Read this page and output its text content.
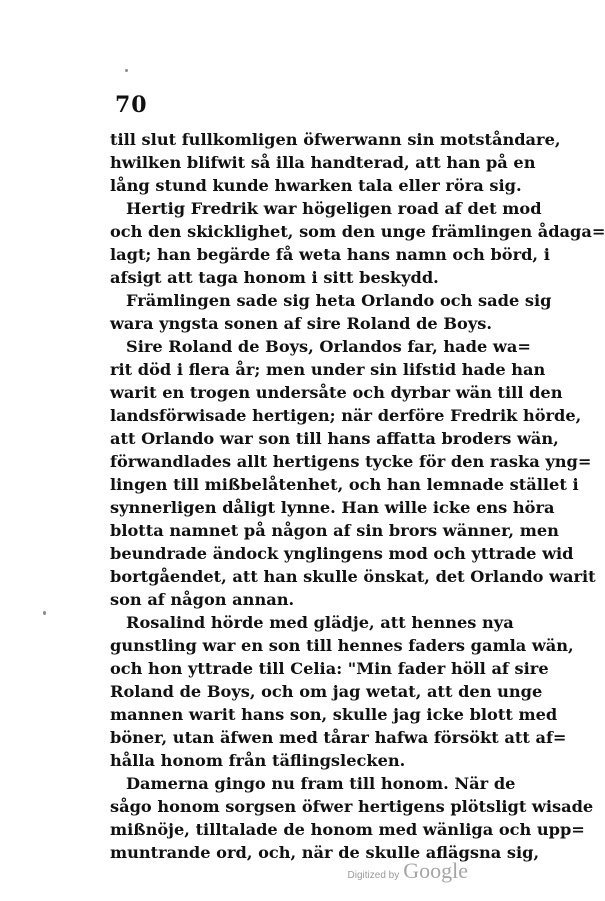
70
till slut fullkomligen öfwerwann sin motståndare,
hwilken blifwit så illa handterad, att han på en
lång stund kunde hwarken tala eller röra sig.
Hertig Fredrik war högeligen road af det mod
och den skicklighet, som den unge främlingen ådaga=
lagt; han begärde få weta hans namn och börd, i
afsigt att taga honom i sitt beskydd.
Främlingen sade sig heta Orlando och sade sig
wara yngsta sonen af sire Roland de Boys.
Sire Roland de Boys, Orlandos far, hade wa=
rit död i flera år; men under sin lifstid hade han
warit en trogen undersåte och dyrbar wän till den
landsförwisade hertigen; när derföre Fredrik hörde,
att Orlando war son till hans affatta broders wän,
förwandlades allt hertigens tycke för den raska yng=
lingen till mißbelåtenhet, och han lemnade stället i
synnerligen dåligt lynne. Han wille icke ens höra
blotta namnet på någon af sin brors wänner, men
beundrade ändock ynglingens mod och yttrade wid
bortgåendet, att han skulle önskat, det Orlando warit
son af någon annan.
Rosalind hörde med glädje, att hennes nya
gunstling war en son till hennes faders gamla wän,
och hon yttrade till Celia: "Min fader höll af sire
Roland de Boys, och om jag wetat, att den unge
mannen warit hans son, skulle jag icke blott med
böner, utan äfwen med tårar hafwa försökt att af=
hålla honom från täflingslecken.
Damerna gingo nu fram till honom. När de
sågo honom sorgsen öfwer hertigens plötsligt wisade
mißnöje, tilltalade de honom med wänliga och upp=
muntrande ord, och, när de skulle aflägsna sig,
Digitized by Google
